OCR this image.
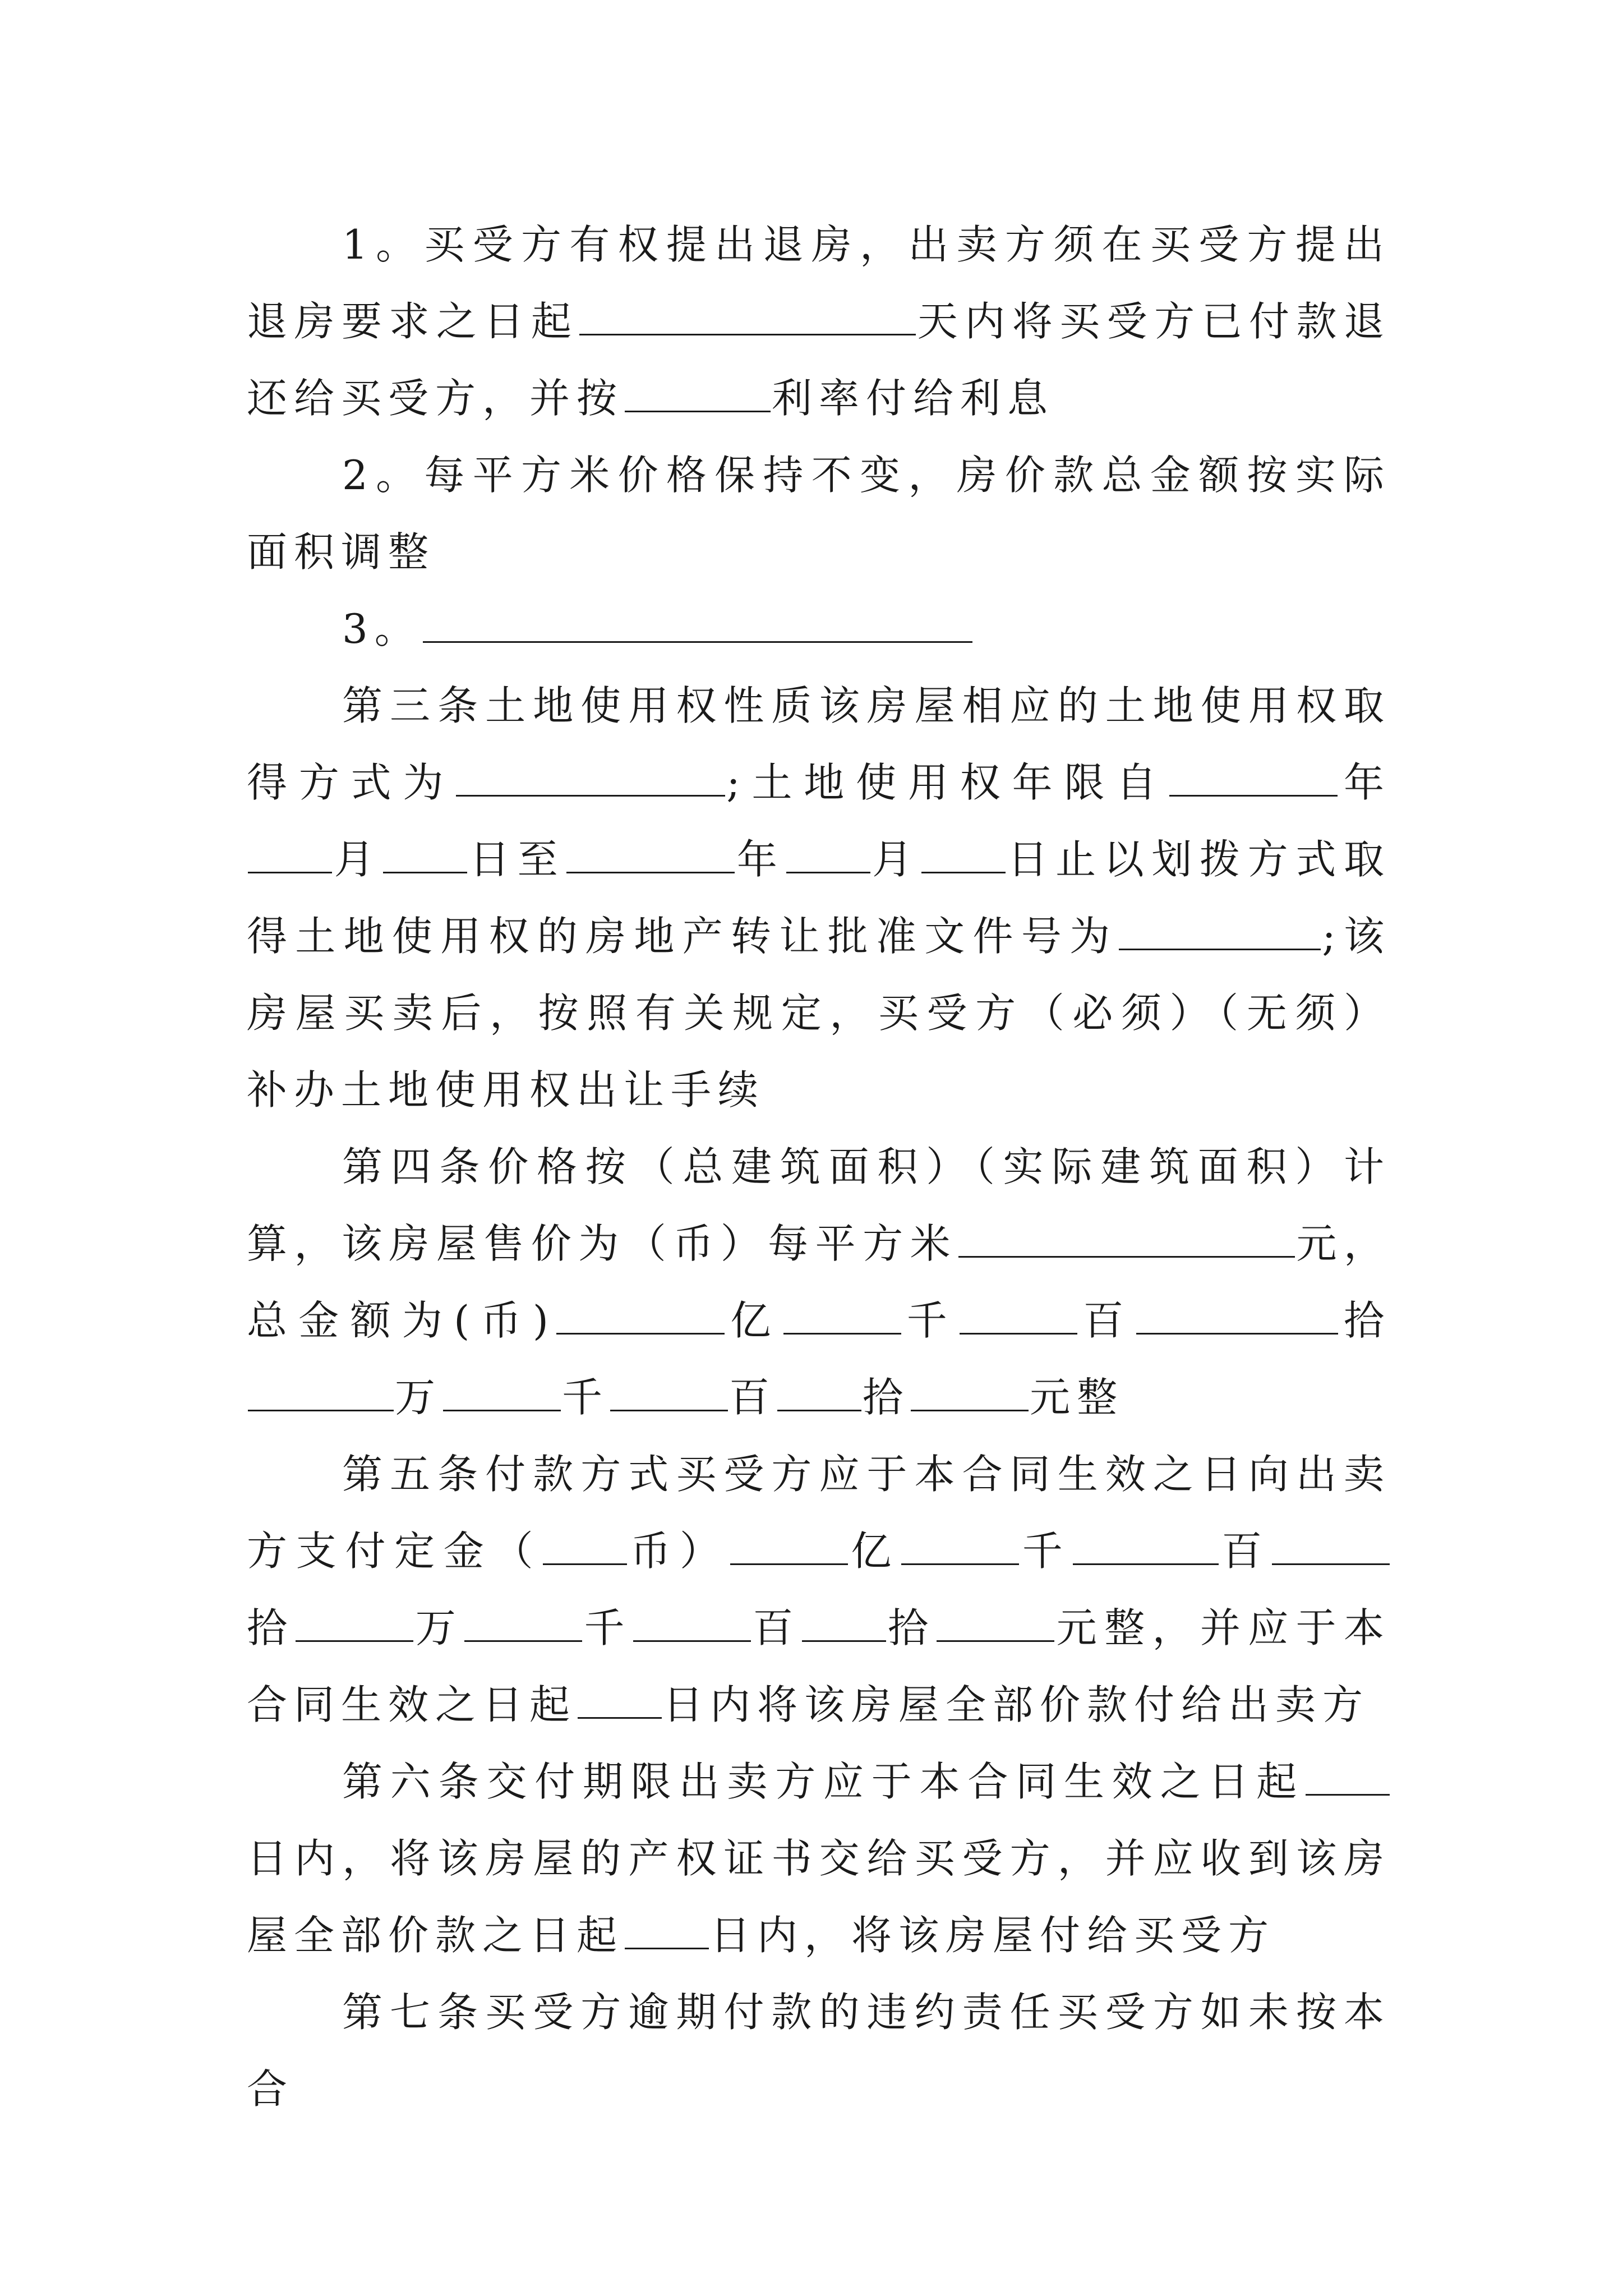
1。买受方有权提出退房，出卖方须在买受方提出退房要求之日起	天内将买受方已付款退还给买受方，并按	利率付给利息

2。每平方米价格保持不变，房价款总金额按实际面积调整

3。

第三条土地使用权性质该房屋相应的土地使用权取得方式为	;土地使用权年限自	年月 日至	年 月 日止以划拨方式取得土地使用权的房地产转让批准文件号为	;该房屋买卖后，按照有关规定，买受方（必须）（无须）补办土地使用权出让手续

第四条价格按（总建筑面积）（实际建筑面积）计算，该房屋售价为（币）每平方米	元，总金额为(币)	亿	千	百	拾万	千	百 拾	元整

第五条付款方式买受方应于本合同生效之日向出卖方支付定金（ 币）	亿	千	百拾	万	千	百 拾	元整，并应于本合同生效之日起 日内将该房屋全部价款付给出卖方

第六条交付期限出卖方应于本合同生效之日起日内，将该房屋的产权证书交给买受方，并应收到该房屋全部价款之日起 日内，将该房屋付给买受方

第七条买受方逾期付款的违约责任买受方如未按本合
